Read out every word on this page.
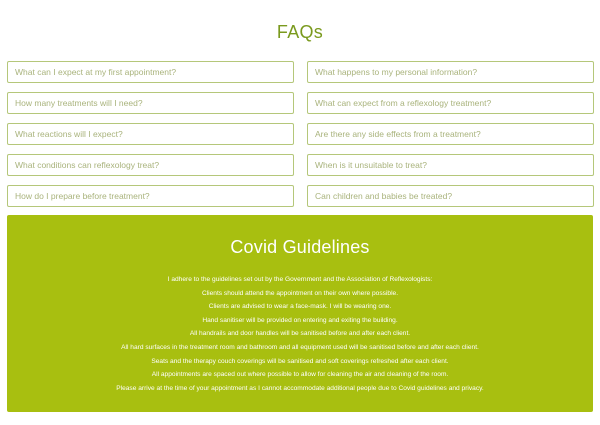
FAQs
What can I expect at my first appointment?	What happens to my personal information?
How many treatments will I need?	What can expect from a reflexology treatment?
What reactions will I expect?	Are there any side effects from a treatment?
What conditions can reflexology treat?	When is it unsuitable to treat?
How do I prepare before treatment?	Can children and babies be treated?
Covid Guidelines
I adhere to the guidelines set out by the Government and the Association of Reflexologists:
Clients should attend the appointment on their own where possible.
Clients are advised to wear a face-mask. I will be wearing one.
Hand sanitiser will be provided on entering and exiting the building.
All handrails and door handles will be sanitised before and after each client.
All hard surfaces in the treatment room and bathroom and all equipment used will be sanitised before and after each client.
Seats and the therapy couch coverings will be sanitised and soft coverings refreshed after each client.
All appointments are spaced out where possible to allow for cleaning the air and cleaning of the room.
Please arrive at the time of your appointment as I cannot accommodate additional people due to Covid guidelines and privacy.
